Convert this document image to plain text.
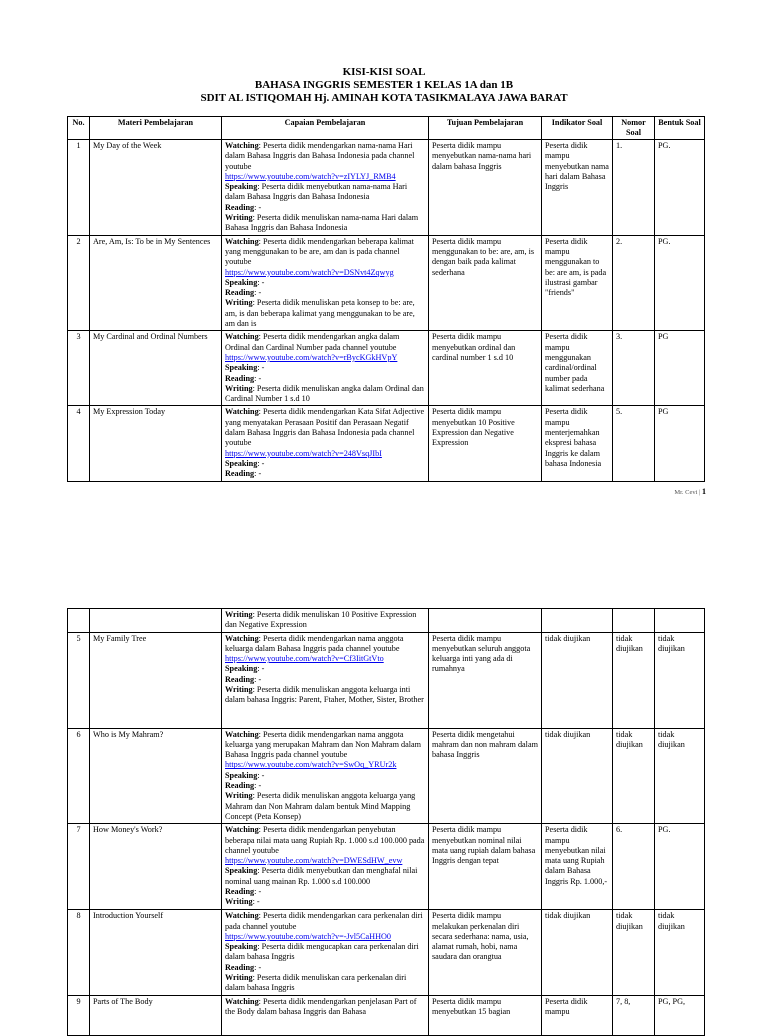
KISI-KISI SOAL
BAHASA INGGRIS SEMESTER 1 KELAS 1A dan 1B
SDIT AL ISTIQOMAH Hj. AMINAH KOTA TASIKMALAYA JAWA BARAT
No.	Materi Pembelajaran	Capaian Pembelajaran	Tujuan Pembelajaran	Indikator Soal	Nomor Soal	Bentuk Soal
1	My Day of the Week	Watching: Peserta didik mendengarkan nama-nama Hari dalam Bahasa Inggris dan Bahasa Indonesia pada channel youtube
https://www.youtube.com/watch?v=zIYLYJ_RMB4
Speaking: Peserta didik menyebutkan nama-nama Hari dalam Bahasa Inggris dan Bahasa Indonesia
Reading: -
Writing: Peserta didik menuliskan nama-nama Hari dalam Bahasa Inggris dan Bahasa Indonesia	Peserta didik mampu menyebutkan nama-nama hari dalam bahasa Inggris	Peserta didik mampu menyebutkan nama hari dalam Bahasa Inggris	1.	PG.
2	Are, Am, Is: To be in My Sentences	Watching: Peserta didik mendengarkan beberapa kalimat yang menggunakan to be are, am dan is pada channel youtube
https://www.youtube.com/watch?v=DSNvt4Zqwyg
Speaking: -
Reading: -
Writing: Peserta didik menuliskan peta konsep to be: are, am, is dan beberapa kalimat yang menggunakan to be are, am dan is	Peserta didik mampu menggunakan to be: are, am, is dengan baik pada kalimat sederhana	Peserta didik mampu menggunakan to be: are am, is pada ilustrasi gambar "friends"	2.	PG.
3	My Cardinal and Ordinal Numbers	Watching: Peserta didik mendengarkan angka dalam Ordinal dan Cardinal Number pada channel youtube
https://www.youtube.com/watch?v=rBycKGkHVpY
Speaking: -
Reading: -
Writing: Peserta didik menuliskan angka dalam Ordinal dan Cardinal Number 1 s.d 10	Peserta didik mampu menyebutkan ordinal dan cardinal number 1 s.d 10	Peserta didik mampu menggunakan cardinal/ordinal number pada kalimat sederhana	3.	PG
4	My Expression Today	Watching: Peserta didik mendengarkan Kata Sifat Adjective yang menyatakan Perasaan Positif dan Perasaan Negatif dalam Bahasa Inggris dan Bahasa Indonesia pada channel youtube
https://www.youtube.com/watch?v=248VsqJIbI
Speaking: -
Reading: -	Peserta didik mampu menyebutkan 10 Positive Expression dan Negative Expression	Peserta didik mampu menterjemahkan ekspresi bahasa Inggris ke dalam bahasa Indonesia	5.	PG
Mr. Cevi | 1
		Writing: Peserta didik menuliskan 10 Positive Expression dan Negative Expression				
5	My Family Tree	Watching: Peserta didik mendengarkan nama anggota keluarga dalam Bahasa Inggris pada channel youtube
https://www.youtube.com/watch?v=Cf3IitGtVto
Speaking: -
Reading: -
Writing: Peserta didik menuliskan anggota keluarga inti dalam bahasa Inggris: Parent, Ftaher, Mother, Sister, Brother	Peserta didik mampu menyebutkan seluruh anggota keluarga inti yang ada di rumahnya	tidak diujikan	tidak diujikan	tidak diujikan
6	Who is My Mahram?	Watching: Peserta didik mendengarkan nama anggota keluarga yang merupakan Mahram dan Non Mahram dalam Bahasa Inggris pada channel youtube
https://www.youtube.com/watch?v=SwOq_YRUr2k
Speaking: -
Reading: -
Writing: Peserta didik menuliskan anggota keluarga yang Mahram dan Non Mahram dalam bentuk Mind Mapping Concept (Peta Konsep)	Peserta didik mengetahui mahram dan non mahram dalam bahasa Inggris	tidak diujikan	tidak diujikan	tidak diujikan
7	How Money's Work?	Watching: Peserta didik mendengarkan penyebutan beberapa nilai mata uang Rupiah Rp. 1.000 s.d 100.000 pada channel youtube
https://www.youtube.com/watch?v=DWESdHW_evw
Speaking: Peserta didik menyebutkan dan menghafal nilai nominal uang mainan Rp. 1.000 s.d 100.000
Reading: -
Writing: -	Peserta didik mampu menyebutkan nominal nilai mata uang rupiah dalam bahasa Inggris dengan tepat	Peserta didik mampu menyebutkan nilai mata uang Rupiah dalam Bahasa Inggris Rp. 1.000,-	6.	PG.
8	Introduction Yourself	Watching: Peserta didik mendengarkan cara perkenalan diri pada channel youtube
https://www.youtube.com/watch?v=-Jvl5CaHHO0
Speaking: Peserta didik mengucapkan cara perkenalan diri dalam bahasa Inggris
Reading: -
Writing: Peserta didik menuliskan cara perkenalan diri dalam bahasa Inggris	Peserta didik mampu melakukan perkenalan diri secara sederhana: nama, usia, alamat rumah, hobi, nama saudara dan orangtua	tidak diujikan	tidak diujikan	tidak diujikan
9	Parts of The Body	Watching: Peserta didik mendengarkan penjelasan Part of the Body dalam bahasa Inggris dan Bahasa	Peserta didik mampu menyebutkan 15 bagian	Peserta didik mampu	7, 8,	PG, PG,
